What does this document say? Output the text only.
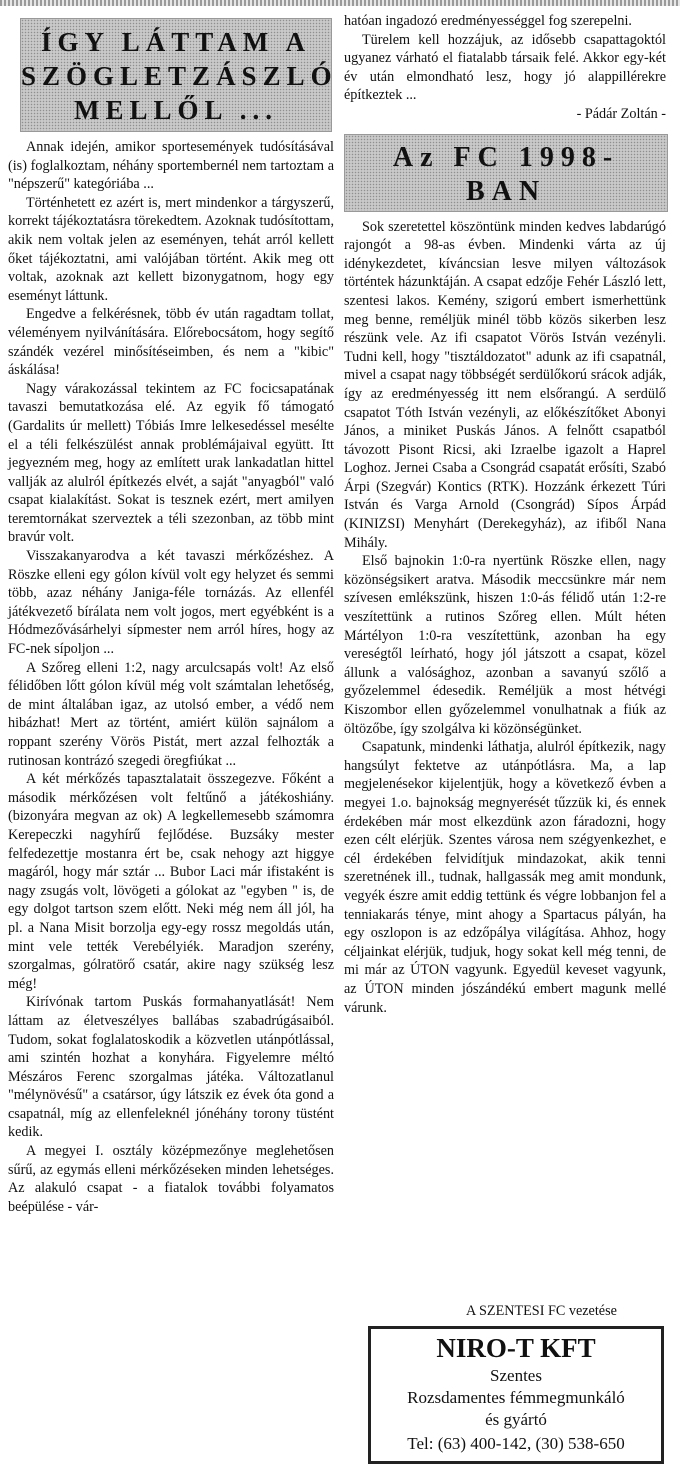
ÍGY LÁTTAM A
SZÖGLETZÁSZLÓ
MELLŐL ...

Annak idején, amikor sportesemények tudósításával (is) foglalkoztam, néhány sportembernél nem tartoztam a "népszerű" kategóriába ...

Történhetett ez azért is, mert mindenkor a tárgyszerű, korrekt tájékoztatásra törekedtem. Azoknak tudósítottam, akik nem voltak jelen az eseményen, tehát arról kellett őket tájékoztatni, ami valójában történt. Akik meg ott voltak, azoknak azt kellett bizonygatnom, hogy egy eseményt láttunk.

Engedve a felkérésnek, több év után ragadtam tollat, véleményem nyilvánítására. Előrebocsátom, hogy segítő szándék vezérel minősítéseimben, és nem a "kibic" áskálása!

Nagy várakozással tekintem az FC focicsapatának tavaszi bemutatkozása elé. Az egyik fő támogató (Gardalits úr mellett) Tóbiás Imre lelkesedéssel mesélte el a téli felkészülést annak problémájaival együtt. Itt jegyezném meg, hogy az említett urak lankadatlan hittel vallják az alulról építkezés elvét, a saját "anyagból" való csapat kialakítást. Sokat is tesznek ezért, mert amilyen teremtornákat szerveztek a téli szezonban, az több mint bravúr volt.

Visszakanyarodva a két tavaszi mérkőzéshez. A Röszke elleni egy gólon kívül volt egy helyzet és semmi több, azaz néhány Janiga-féle tornázás. Az ellenfél játékvezető bírálata nem volt jogos, mert egyébként is a Hódmezővásárhelyi sípmester nem arról híres, hogy az FC-nek sípoljon ...

A Szőreg elleni 1:2, nagy arculcsapás volt! Az első félidőben lőtt gólon kívül még volt számtalan lehetőség, de mint általában igaz, az utolsó ember, a védő nem hibázhat! Mert az történt, amiért külön sajnálom a roppant szerény Vörös Pistát, mert azzal felhozták a rutinosan kontrázó szegedi öregfiúkat ...

A két mérkőzés tapasztalatait összegezve. Főként a második mérkőzésen volt feltűnő a játékoshiány. (bizonyára megvan az ok) A legkellemesebb számomra Kerepeczki nagyhírű fejlődése. Buzsáky mester felfedezettje mostanra ért be, csak nehogy azt higgye magáról, hogy már sztár ... Bubor Laci már ifistaként is nagy zsugás volt, lövögeti a gólokat az "egyben " is, de egy dolgot tartson szem előtt. Neki még nem áll jól, ha pl. a Nana Misit borzolja egy-egy rossz megoldás után, mint vele tették Verebélyiék. Maradjon szerény, szorgalmas, gólratörő csatár, akire nagy szükség lesz még!

Kirívónak tartom Puskás formahanyatlását! Nem láttam az életveszélyes ballábas szabadrúgásaiból. Tudom, sokat foglalatoskodik a közvetlen utánpótlással, ami szintén hozhat a konyhára. Figyelemre méltó Mészáros Ferenc szorgalmas játéka. Változatlanul "mélynövésű" a csatársor, úgy látszik ez évek óta gond a csapatnál, míg az ellenfeleknél jónéhány torony tüstént kedik.

A megyei I. osztály középmezőnye meglehetősen sűrű, az egymás elleni mérkőzéseken minden lehetséges. Az alakuló csapat - a fiatalok további folyamatos beépülése - vár-

hatóan ingadozó eredményességgel fog szerepelni.

Türelem kell hozzájuk, az idősebb csapattagoktól ugyanez várható el fiatalabb társaik felé. Akkor egy-két év után elmondható lesz, hogy jó alappillérekre építkeztek ...

- Pádár Zoltán -

Az FC 1998-
BAN

Sok szeretettel köszöntünk minden kedves labdarúgó rajongót a 98-as évben. Mindenki várta az új idénykezdetet, kíváncsian lesve milyen változások történtek házunktáján. A csapat edzője Fehér László lett, szentesi lakos. Kemény, szigorú embert ismerhettünk meg benne, reméljük minél több közös sikerben lesz részünk vele. Az ifi csapatot Vörös István vezényli. Tudni kell, hogy "tisztáldozatot" adunk az ifi csapatnál, mivel a csapat nagy többségét serdülőkorú srácok adják, így az eredményesség itt nem elsőrangú. A serdülő csapatot Tóth István vezényli, az előkészítőket Abonyi János, a miniket Puskás János. A felnőtt csapatból távozott Pisont Ricsi, aki Izraelbe igazolt a Haprel Loghoz. Jernei Csaba a Csongrád csapatát erősíti, Szabó Árpi (Szegvár) Kontics (RTK). Hozzánk érkezett Túri István és Varga Arnold (Csongrád) Sípos Árpád (KINIZSI) Menyhárt (Derekegyház), az ifiből Nana Mihály.

Első bajnokin 1:0-ra nyertünk Röszke ellen, nagy közönségsikert aratva. Második meccsünkre már nem szívesen emlékszünk, hiszen 1:0-ás félidő után 1:2-re veszítettünk a rutinos Szőreg ellen. Múlt héten Mártélyon 1:0-ra veszítettünk, azonban ha egy vereségtől leírható, hogy jól játszott a csapat, közel állunk a valósághoz, azonban a savanyú szőlő a győzelemmel édesedik. Reméljük a most hétvégi Kiszombor ellen győzelemmel vonulhatnak a fiúk az öltözőbe, így szolgálva ki közönségünket.

Csapatunk, mindenki láthatja, alulról építkezik, nagy hangsúlyt fektetve az utánpótlásra. Ma, a lap megjelenésekor kijelentjük, hogy a következő évben a megyei 1.o. bajnokság megnyerését tűzzük ki, és ennek érdekében már most elkezdünk azon fáradozni, hogy ezen célt elérjük. Szentes városa nem szégyenkezhet, e cél érdekében felvidítjuk mindazokat, akik tenni szeretnének ill., tudnak, hallgassák meg amit mondunk, vegyék észre amit eddig tettünk és végre lobbanjon fel a tenniakarás tényе, mint ahogy a Spartacus pályán, ha egy oszlopon is az edzőpálya világítása. Ahhoz, hogy céljainkat elérjük, tudjuk, hogy sokat kell még tenni, de mi már az ÚTON vagyunk. Egyedül keveset vagyunk, az ÚTON minden jószándékú embert magunk mellé várunk.

A SZENTESI FC vezetése
NIRO-T KFT
Szentes
Rozsdamentes fémmegmunkáló
és gyártó
Tel: (63) 400-142, (30) 538-650
